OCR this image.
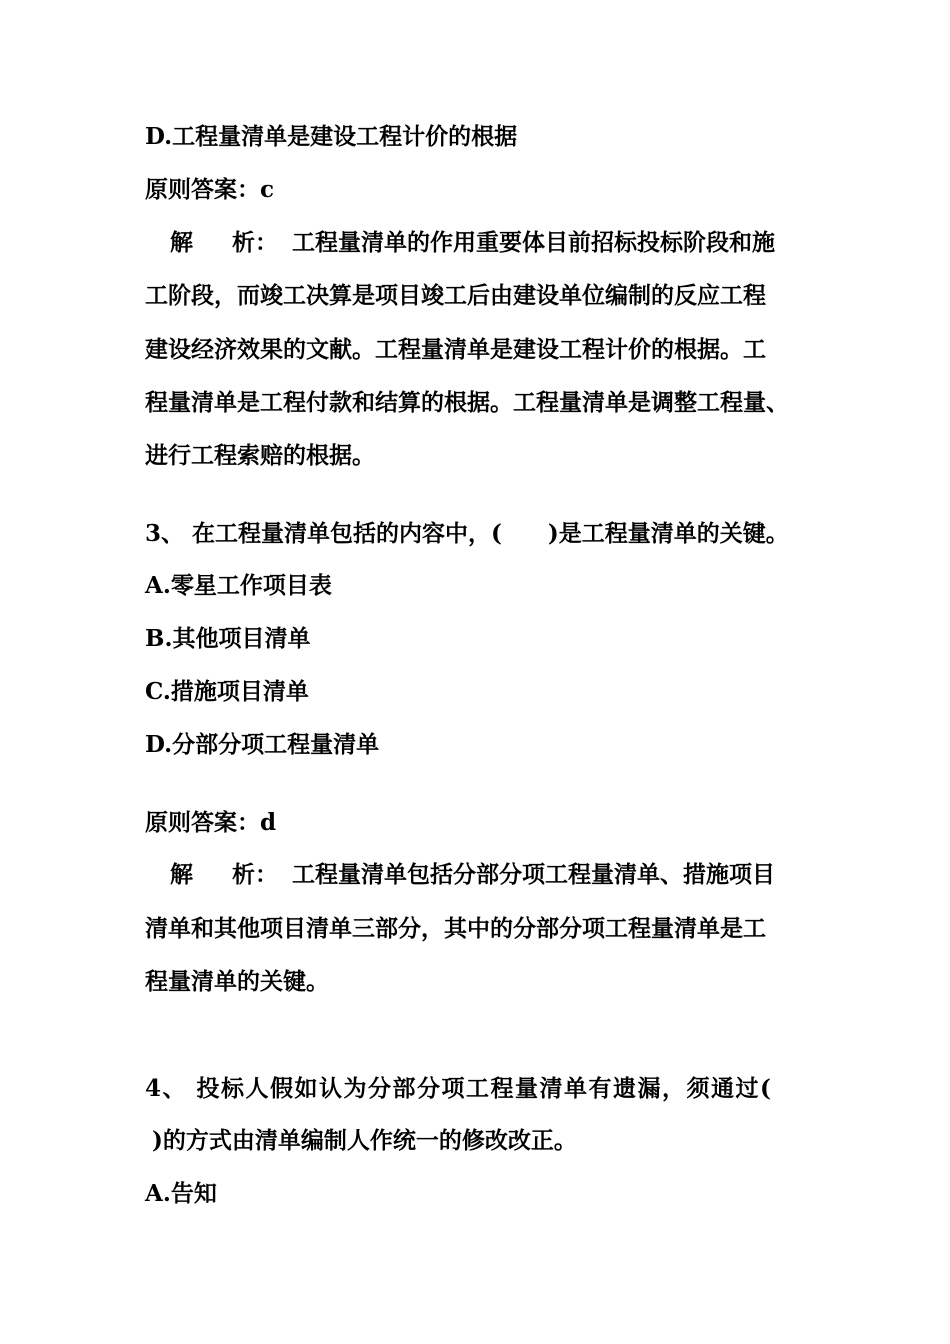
D.工程量清单是建设工程计价的根据
原则答案：c
解 析： 工程量清单的作用重要体目前招标投标阶段和施
工阶段，而竣工决算是项目竣工后由建设单位编制的反应工程
建设经济效果的文献。工程量清单是建设工程计价的根据。工
程量清单是工程付款和结算的根据。工程量清单是调整工程量、
进行工程索赔的根据。
3、 在工程量清单包括的内容中，(　　)是工程量清单的关键。
A.零星工作项目表
B.其他项目清单
C.措施项目清单
D.分部分项工程量清单
原则答案：d
解 析： 工程量清单包括分部分项工程量清单、措施项目
清单和其他项目清单三部分，其中的分部分项工程量清单是工
程量清单的关键。
4、 投标人假如认为分部分项工程量清单有遗漏，须通过(
)的方式由清单编制人作统一的修改改正。
A.告知
